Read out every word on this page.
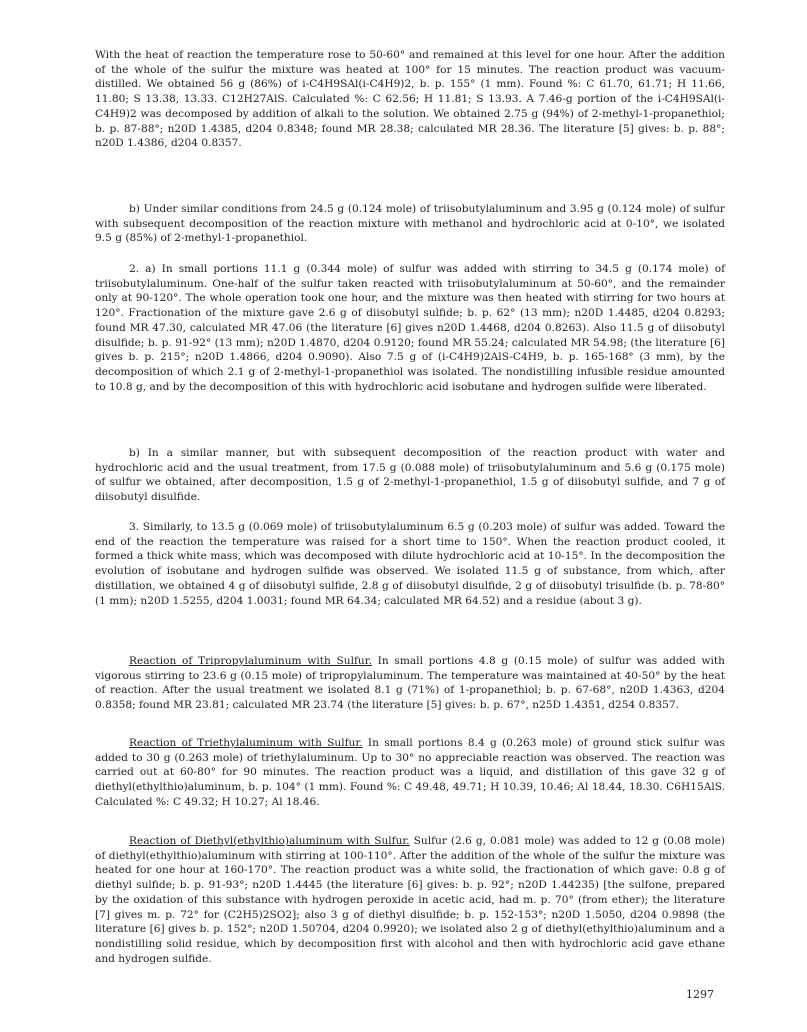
With the heat of reaction the temperature rose to 50-60° and remained at this level for one hour. After the addition of the whole of the sulfur the mixture was heated at 100° for 15 minutes. The reaction product was vacuum-distilled. We obtained 56 g (86%) of i-C4H9SAl(i-C4H9)2, b. p. 155° (1 mm). Found %: C 61.70, 61.71; H 11.66, 11.80; S 13.38, 13.33. C12H27AlS. Calculated %: C 62.56; H 11.81; S 13.93. A 7.46-g portion of the i-C4H9SAl(i-C4H9)2 was decomposed by addition of alkali to the solution. We obtained 2.75 g (94%) of 2-methyl-1-propanethiol; b. p. 87-88°; n20D 1.4385, d204 0.8348; found MR 28.38; calculated MR 28.36. The literature [5] gives: b. p. 88°; n20D 1.4386, d204 0.8357.

b) Under similar conditions from 24.5 g (0.124 mole) of triisobutylaluminum and 3.95 g (0.124 mole) of sulfur with subsequent decomposition of the reaction mixture with methanol and hydrochloric acid at 0-10°, we isolated 9.5 g (85%) of 2-methyl-1-propanethiol.

2. a) In small portions 11.1 g (0.344 mole) of sulfur was added with stirring to 34.5 g (0.174 mole) of triisobutylaluminum. One-half of the sulfur taken reacted with triisobutylaluminum at 50-60°, and the remainder only at 90-120°. The whole operation took one hour, and the mixture was then heated with stirring for two hours at 120°. Fractionation of the mixture gave 2.6 g of diisobutyl sulfide; b. p. 62° (13 mm); n20D 1.4485, d204 0.8293; found MR 47.30, calculated MR 47.06 (the literature [6] gives n20D 1.4468, d204 0.8263). Also 11.5 g of diisobutyl disulfide; b. p. 91-92° (13 mm); n20D 1.4870, d204 0.9120; found MR 55.24; calculated MR 54.98; (the literature [6] gives b. p. 215°; n20D 1.4866, d204 0.9090). Also 7.5 g of (i-C4H9)2AlS-C4H9, b. p. 165-168° (3 mm), by the decomposition of which 2.1 g of 2-methyl-1-propanethiol was isolated. The nondistilling infusible residue amounted to 10.8 g, and by the decomposition of this with hydrochloric acid isobutane and hydrogen sulfide were liberated.

b) In a similar manner, but with subsequent decomposition of the reaction product with water and hydrochloric acid and the usual treatment, from 17.5 g (0.088 mole) of triisobutylaluminum and 5.6 g (0.175 mole) of sulfur we obtained, after decomposition, 1.5 g of 2-methyl-1-propanethiol, 1.5 g of diisobutyl sulfide, and 7 g of diisobutyl disulfide.

3. Similarly, to 13.5 g (0.069 mole) of triisobutylaluminum 6.5 g (0.203 mole) of sulfur was added. Toward the end of the reaction the temperature was raised for a short time to 150°. When the reaction product cooled, it formed a thick white mass, which was decomposed with dilute hydrochloric acid at 10-15°. In the decomposition the evolution of isobutane and hydrogen sulfide was observed. We isolated 11.5 g of substance, from which, after distillation, we obtained 4 g of diisobutyl sulfide, 2.8 g of diisobutyl disulfide, 2 g of diisobutyl trisulfide (b. p. 78-80° (1 mm); n20D 1.5255, d204 1.0031; found MR 64.34; calculated MR 64.52) and a residue (about 3 g).

Reaction of Tripropylaluminum with Sulfur. In small portions 4.8 g (0.15 mole) of sulfur was added with vigorous stirring to 23.6 g (0.15 mole) of tripropylaluminum. The temperature was maintained at 40-50° by the heat of reaction. After the usual treatment we isolated 8.1 g (71%) of 1-propanethiol; b. p. 67-68°, n20D 1.4363, d204 0.8358; found MR 23.81; calculated MR 23.74 (the literature [5] gives: b. p. 67°, n25D 1.4351, d254 0.8357.

Reaction of Triethylaluminum with Sulfur. In small portions 8.4 g (0.263 mole) of ground stick sulfur was added to 30 g (0.263 mole) of triethylaluminum. Up to 30° no appreciable reaction was observed. The reaction was carried out at 60-80° for 90 minutes. The reaction product was a liquid, and distillation of this gave 32 g of diethyl(ethylthio)aluminum, b. p. 104° (1 mm). Found %: C 49.48, 49.71; H 10.39, 10.46; Al 18.44, 18.30. C6H15AlS. Calculated %: C 49.32; H 10.27; Al 18.46.

Reaction of Diethyl(ethylthio)aluminum with Sulfur. Sulfur (2.6 g, 0.081 mole) was added to 12 g (0.08 mole) of diethyl(ethylthio)aluminum with stirring at 100-110°. After the addition of the whole of the sulfur the mixture was heated for one hour at 160-170°. The reaction product was a white solid, the fractionation of which gave: 0.8 g of diethyl sulfide; b. p. 91-93°; n20D 1.4445 (the literature [6] gives: b. p. 92°; n20D 1.44235) [the sulfone, prepared by the oxidation of this substance with hydrogen peroxide in acetic acid, had m. p. 70° (from ether); the literature [7] gives m. p. 72° for (C2H5)2SO2]; also 3 g of diethyl disulfide; b. p. 152-153°; n20D 1.5050, d204 0.9898 (the literature [6] gives b. p. 152°; n20D 1.50704, d204 0.9920); we isolated also 2 g of diethyl(ethylthio)aluminum and a nondistilling solid residue, which by decomposition first with alcohol and then with hydrochloric acid gave ethane and hydrogen sulfide.

1297
